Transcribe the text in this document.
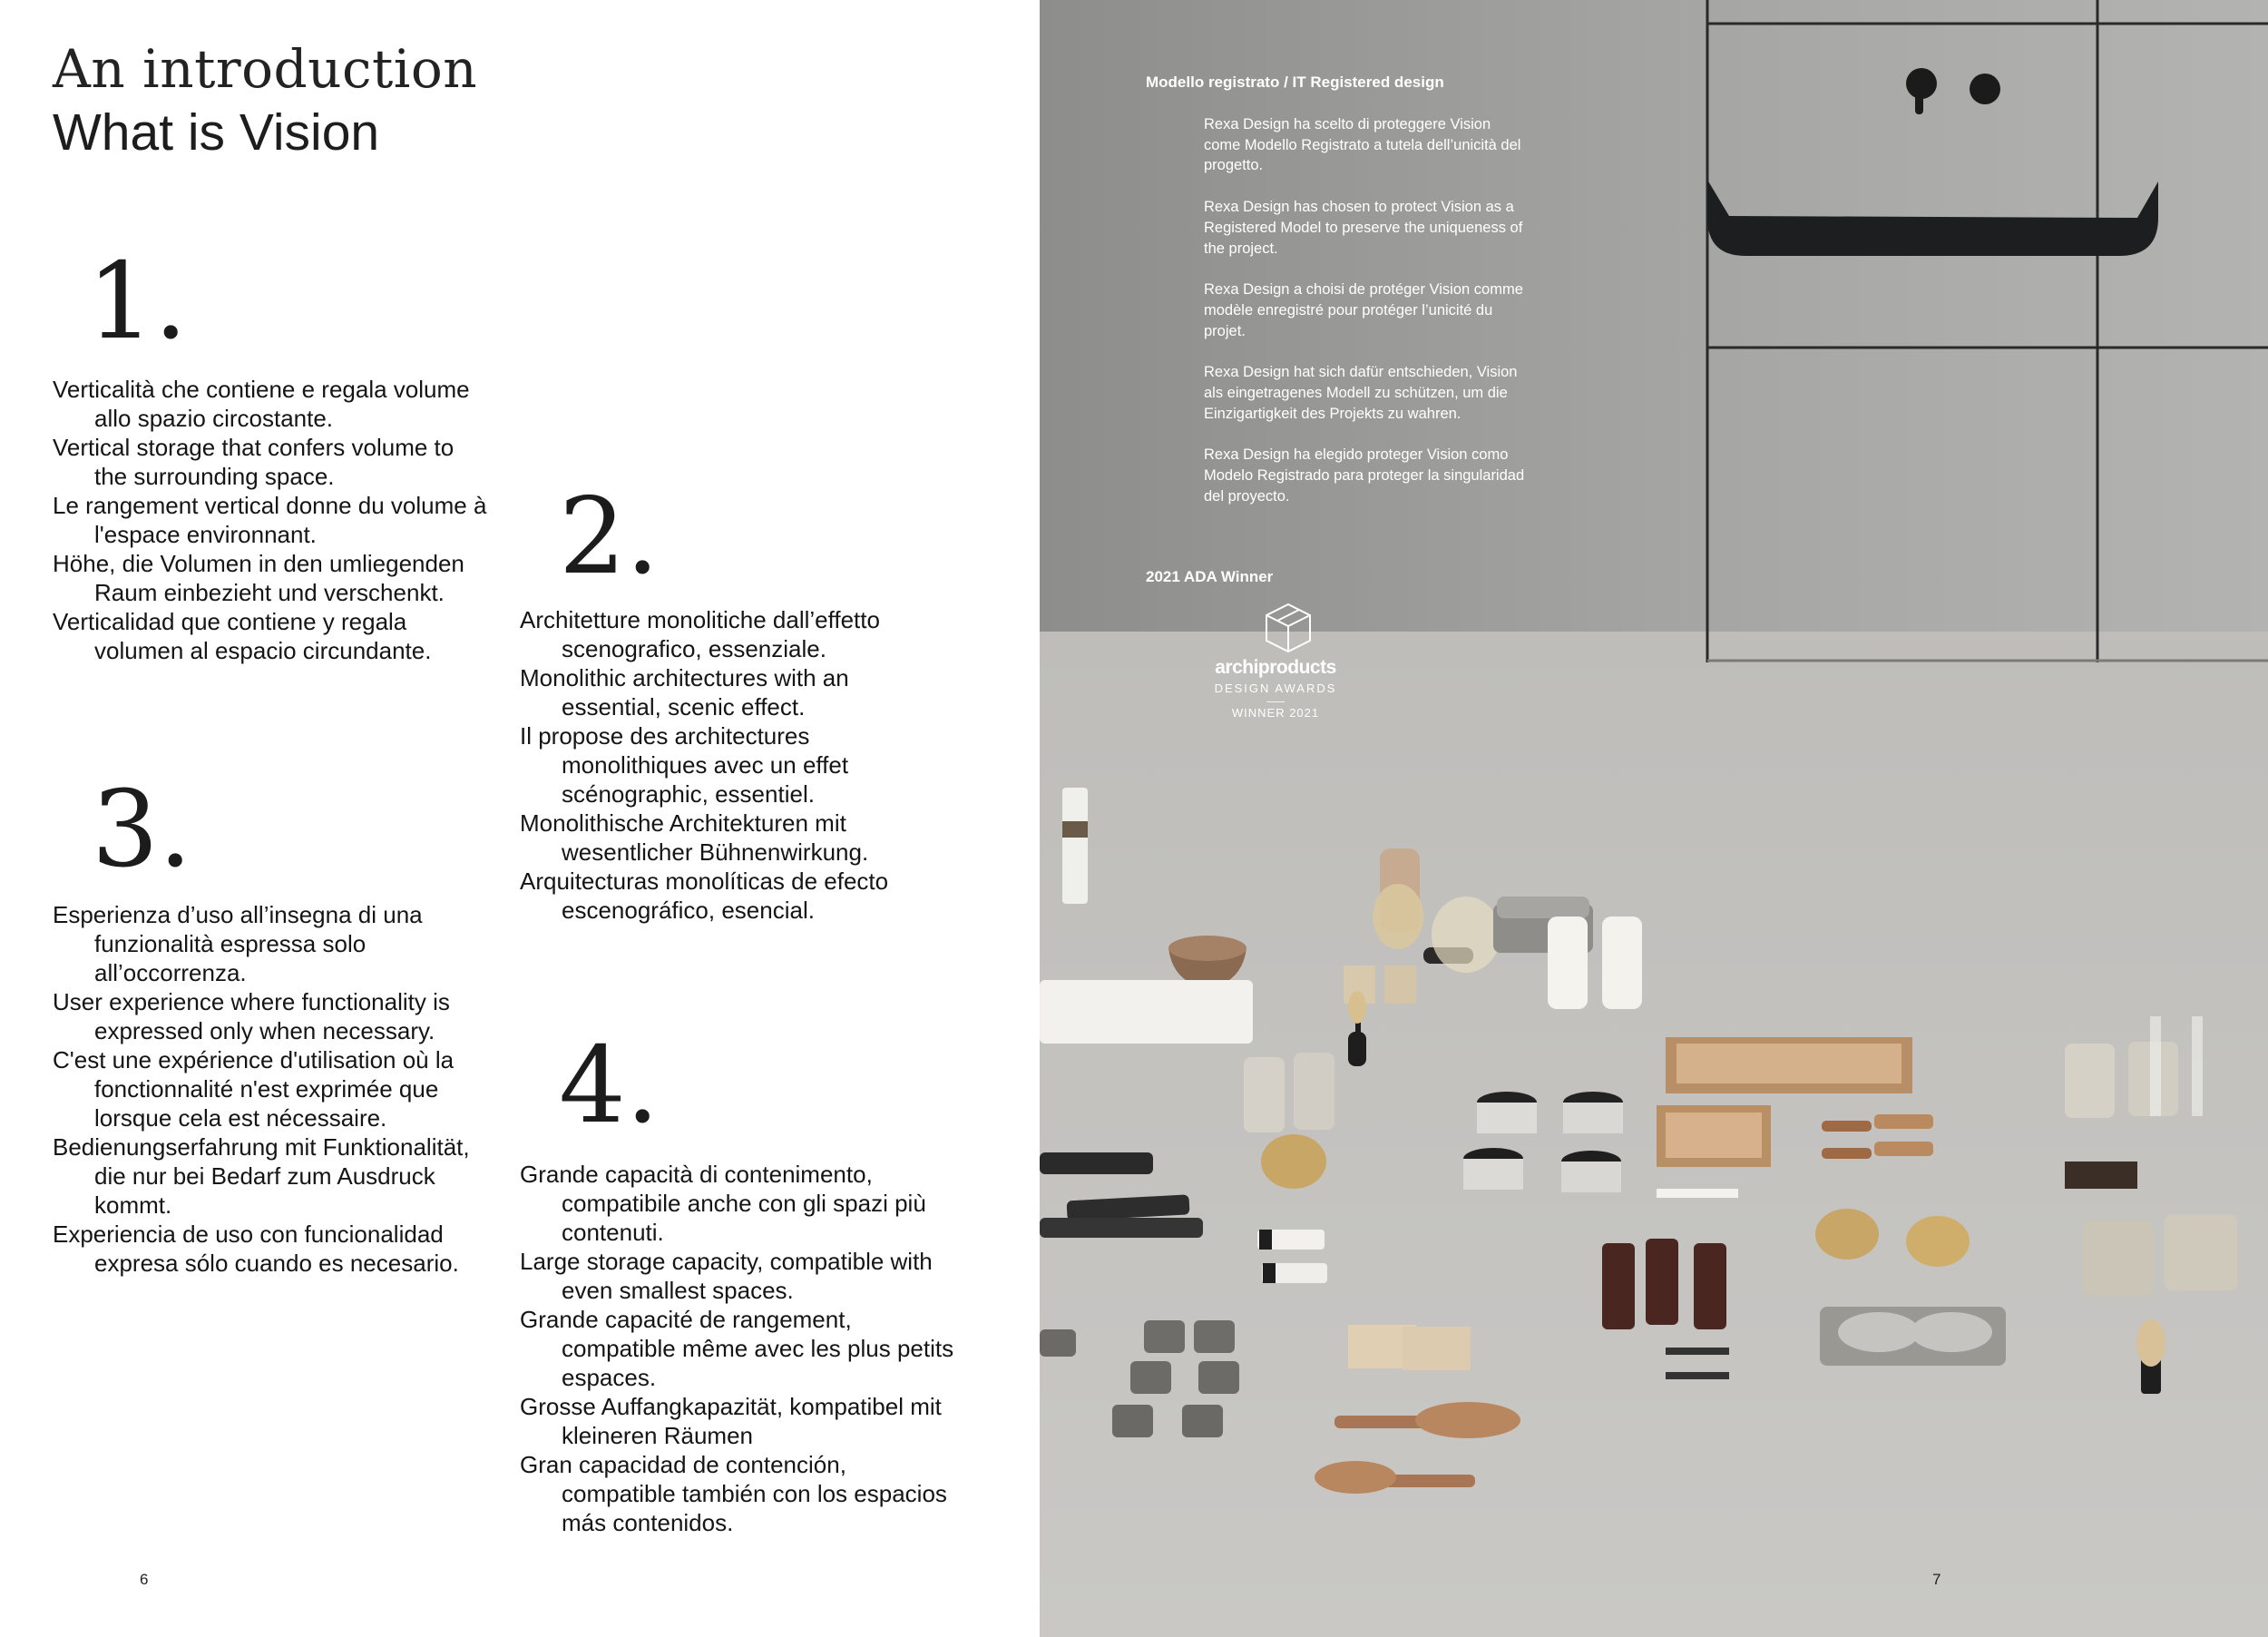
An introduction
What is Vision
1.
Verticalità che contiene e regala volume allo spazio circostante.
Vertical storage that confers volume to the surrounding space.
Le rangement vertical donne du volume à l'espace environnant.
Höhe, die Volumen in den umliegenden Raum einbezieht und verschenkt.
Verticalidad que contiene y regala volumen al espacio circundante.
2.
Architetture monolitiche dall’effetto scenografico, essenziale.
Monolithic architectures with an essential, scenic effect.
Il propose des architectures monolithiques avec un effet scénographic, essentiel.
Monolithische Architekturen mit wesentlicher Bühnenwirkung.
Arquitecturas monolíticas de efecto escenográfico, esencial.
3.
Esperienza d’uso all’insegna di una funzionalità espressa solo all’occorrenza.
User experience where functionality is expressed only when necessary.
C'est une expérience d'utilisation où la fonctionnalité n'est exprimée que lorsque cela est nécessaire.
Bedienungserfahrung mit Funktionalität, die nur bei Bedarf zum Ausdruck kommt.
Experiencia de uso con funcionalidad expresa sólo cuando es necesario.
4.
Grande capacità di contenimento, compatibile anche con gli spazi più contenuti.
Large storage capacity, compatible with even smallest spaces.
Grande capacité de rangement, compatible même avec les plus petits espaces.
Grosse Auffangkapazität, kompatibel mit kleineren Räumen
Gran capacidad de contención, compatible también con los espacios más contenidos.
6
Modello registrato / IT Registered design

Rexa Design ha scelto di proteggere Vision come Modello Registrato a tutela dell’unicità del progetto.

Rexa Design has chosen to protect Vision as a Registered Model to preserve the uniqueness of the project.

Rexa Design a choisi de protéger Vision comme modèle enregistré pour protéger l’unicité du projet.

Rexa Design hat sich dafür entschieden, Vision als eingetragenes Modell zu schützen, um die Einzigartigkeit des Projekts zu wahren.

Rexa Design ha elegido proteger Vision como Modelo Registrado para proteger la singularidad del proyecto.

2021 ADA Winner
archiproducts
DESIGN AWARDS
WINNER 2021
7
